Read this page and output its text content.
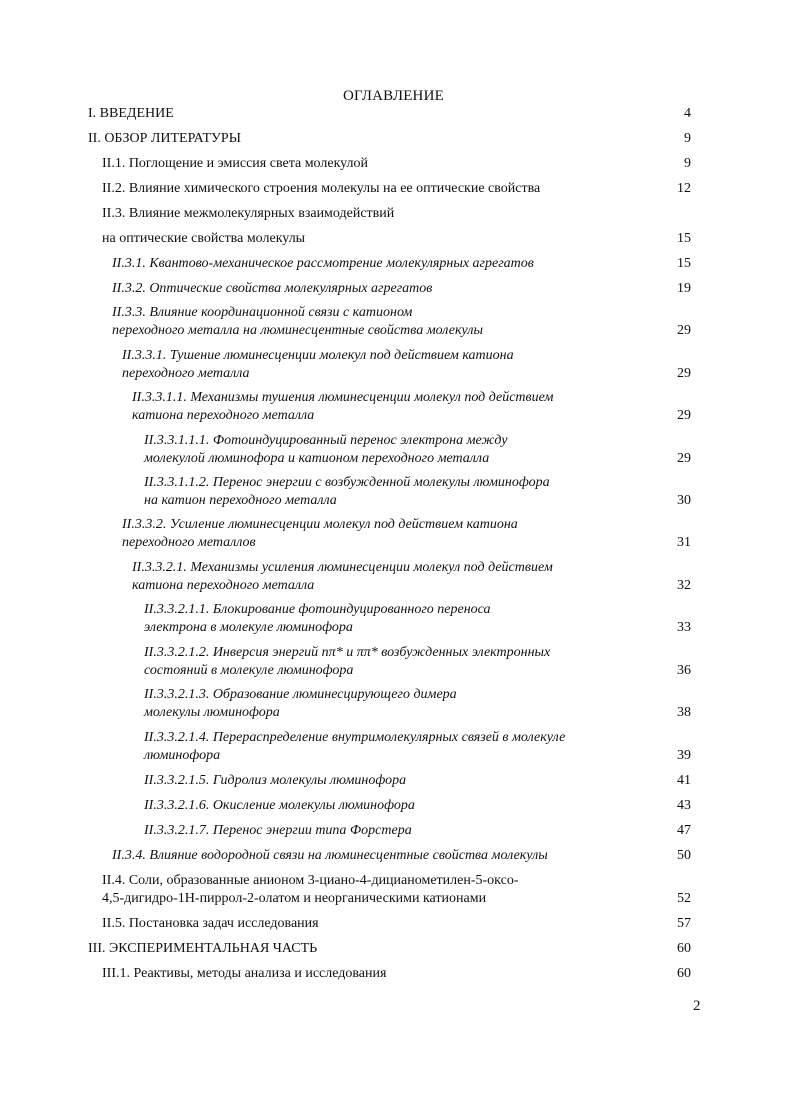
ОГЛАВЛЕНИЕ
I. ВВЕДЕНИЕ	4
II. ОБЗОР ЛИТЕРАТУРЫ	9
II.1. Поглощение и эмиссия света молекулой	9
II.2. Влияние химического строения молекулы на ее оптические свойства	12
II.3. Влияние межмолекулярных взаимодействий
на оптические свойства молекулы	15
II.3.1. Квантово-механическое рассмотрение молекулярных агрегатов	15
II.3.2. Оптические свойства молекулярных агрегатов	19
II.3.3. Влияние координационной связи с катионом
переходного металла на люминесцентные свойства молекулы	29
II.3.3.1. Тушение люминесценции молекул под действием катиона
переходного металла	29
II.3.3.1.1. Механизмы тушения люминесценции молекул под действием
катиона переходного металла	29
II.3.3.1.1.1. Фотоиндуцированный перенос электрона между
молекулой люминофора и катионом переходного металла	29
II.3.3.1.1.2. Перенос энергии с возбужденной молекулы люминофора
на катион переходного металла	30
II.3.3.2. Усиление люминесценции молекул под действием катиона
переходного металлов	31
II.3.3.2.1. Механизмы усиления люминесценции молекул под действием
катиона переходного металла	32
II.3.3.2.1.1. Блокирование фотоиндуцированного переноса
электрона в молекуле люминофора	33
II.3.3.2.1.2. Инверсия энергий nπ* и ππ* возбужденных электронных
состояний в молекуле люминофора	36
II.3.3.2.1.3. Образование люминесцирующего димера
молекулы люминофора	38
II.3.3.2.1.4. Перераспределение внутримолекулярных связей в молекуле
люминофора	39
II.3.3.2.1.5. Гидролиз молекулы люминофора	41
II.3.3.2.1.6. Окисление молекулы люминофора	43
II.3.3.2.1.7. Перенос энергии типа Форстера	47
II.3.4. Влияние водородной связи на люминесцентные свойства молекулы	50
II.4. Соли, образованные анионом 3-циано-4-дицианометилен-5-оксо-
4,5-дигидро-1H-пиррол-2-олатом и неорганическими катионами	52
II.5. Постановка задач исследования	57
III. ЭКСПЕРИМЕНТАЛЬНАЯ ЧАСТЬ	60
III.1. Реактивы, методы анализа и исследования	60
2
